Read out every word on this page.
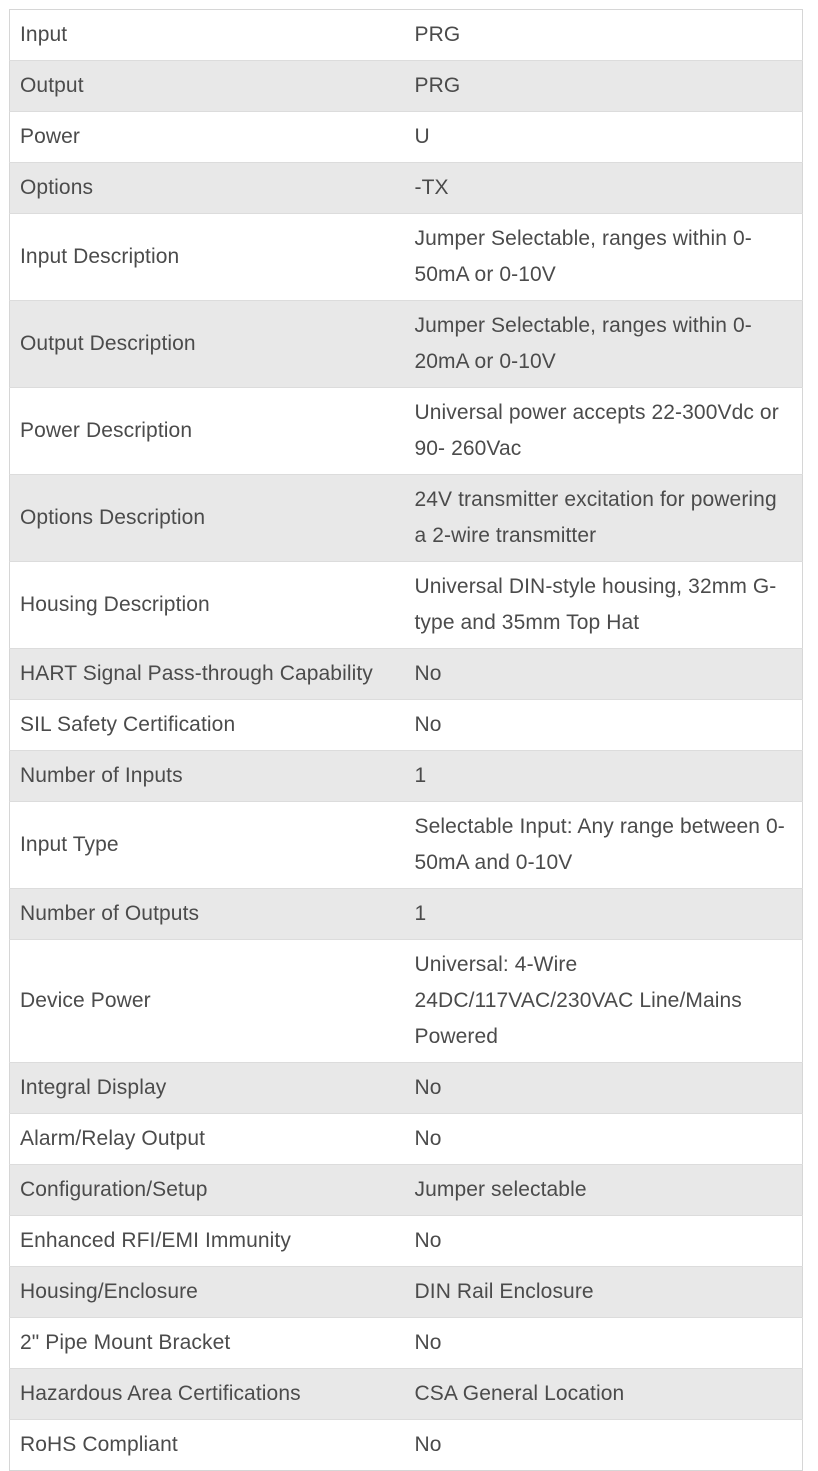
Input	PRG
Output	PRG
Power	U
Options	-TX
Input Description	Jumper Selectable, ranges within 0-50mA or 0-10V
Output Description	Jumper Selectable, ranges within 0-20mA or 0-10V
Power Description	Universal power accepts 22-300Vdc or 90- 260Vac
Options Description	24V transmitter excitation for powering a 2-wire transmitter
Housing Description	Universal DIN-style housing, 32mm G-type and 35mm Top Hat
HART Signal Pass-through Capability	No
SIL Safety Certification	No
Number of Inputs	1
Input Type	Selectable Input: Any range between 0-50mA and 0-10V
Number of Outputs	1
Device Power	Universal: 4-Wire 24DC/117VAC/230VAC Line/Mains Powered
Integral Display	No
Alarm/Relay Output	No
Configuration/Setup	Jumper selectable
Enhanced RFI/EMI Immunity	No
Housing/Enclosure	DIN Rail Enclosure
2" Pipe Mount Bracket	No
Hazardous Area Certifications	CSA General Location
RoHS Compliant	No
